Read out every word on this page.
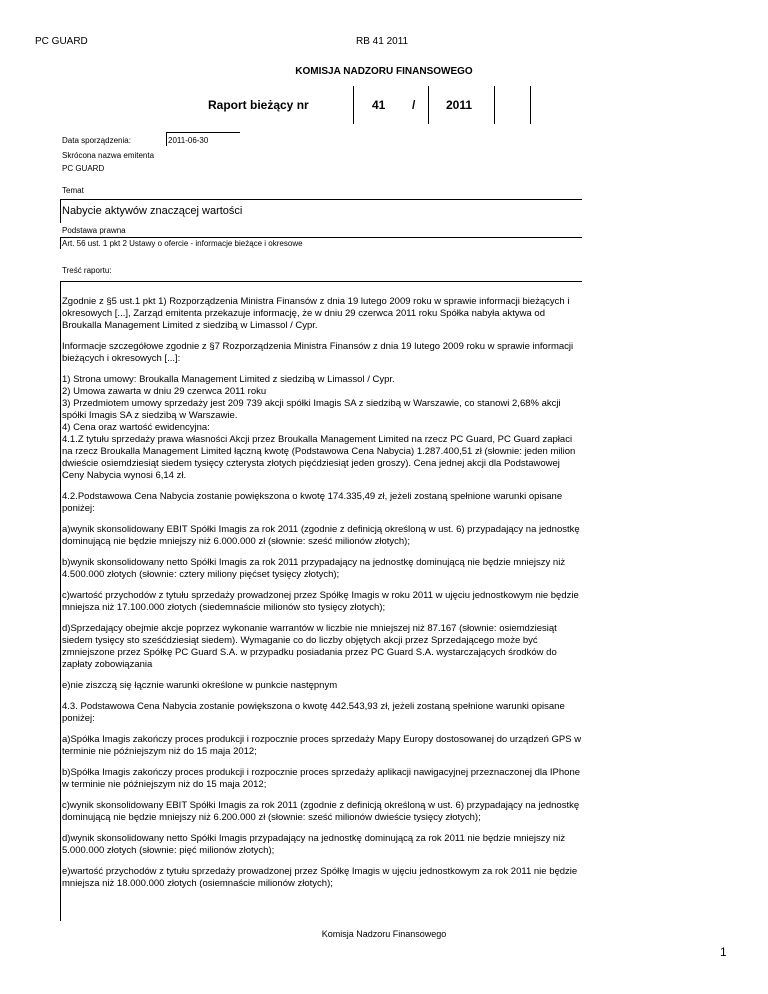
PC GUARD	RB 41 2011
KOMISJA NADZORU FINANSOWEGO
Raport bieżący nr	41 /	2011
Data sporządzenia:	2011-06-30
Skrócona nazwa emitenta
PC GUARD
Temat
Nabycie aktywów znaczącej wartości
Podstawa prawna
Art. 56 ust. 1 pkt 2 Ustawy o ofercie - informacje bieżące i okresowe
Treść raportu:

Zgodnie z §5 ust.1 pkt 1) Rozporządzenia Ministra Finansów z dnia 19 lutego 2009 roku w sprawie informacji bieżących i okresowych [...], Zarząd emitenta przekazuje informację, że w dniu 29 czerwca 2011 roku Spółka nabyła aktywa od Broukalla Management Limited z siedzibą w Limassol / Cypr.

Informacje szczegółowe zgodnie z §7 Rozporządzenia Ministra Finansów z dnia 19 lutego 2009 roku w sprawie informacji bieżących i okresowych [...]:

1) Strona umowy: Broukalla Management Limited z siedzibą w Limassol / Cypr.
2) Umowa zawarta w dniu 29 czerwca 2011 roku
3) Przedmiotem umowy sprzedaży jest 209 739 akcji spółki Imagis SA z siedzibą w Warszawie, co stanowi 2,68% akcji spółki Imagis SA z siedzibą w Warszawie.
4) Cena oraz wartość ewidencyjna:
4.1.Z tytułu sprzedaży prawa własności Akcji przez Broukalla Management Limited na rzecz PC Guard, PC Guard zapłaci na rzecz Broukalla Management Limited łączną kwotę (Podstawowa Cena Nabycia) 1.287.400,51 zł (słownie: jeden milion dwieście osiemdziesiąt siedem tysięcy czterysta złotych pięćdziesiąt jeden groszy). Cena jednej akcji dla Podstawowej Ceny Nabycia wynosi 6,14 zł.

4.2.Podstawowa Cena Nabycia zostanie powiększona o kwotę 174.335,49 zł, jeżeli zostaną spełnione warunki opisane poniżej:

a)wynik skonsolidowany EBIT Spółki Imagis za rok 2011 (zgodnie z definicją określoną w ust. 6) przypadający na jednostkę dominującą nie będzie mniejszy niż 6.000.000 zł (słownie: sześć milionów złotych);

b)wynik skonsolidowany netto Spółki Imagis za rok 2011 przypadający na jednostkę dominującą nie będzie mniejszy niż 4.500.000 złotych (słownie: cztery miliony pięćset tysięcy złotych);

c)wartość przychodów z tytułu sprzedaży prowadzonej przez Spółkę Imagis w roku 2011 w ujęciu jednostkowym nie będzie mniejsza niż 17.100.000 złotych (siedemnaście milionów sto tysięcy złotych);

d)Sprzedający obejmie akcje poprzez wykonanie warrantów w liczbie nie mniejszej niż 87.167 (słownie: osiemdziesiąt siedem tysięcy sto sześćdziesiąt siedem). Wymaganie co do liczby objętych akcji przez Sprzedającego może być zmniejszone przez Spółkę PC Guard S.A. w przypadku posiadania przez PC Guard S.A. wystarczających środków do zapłaty zobowiązania

e)nie ziszczą się łącznie warunki określone w punkcie następnym

4.3. Podstawowa Cena Nabycia zostanie powiększona o kwotę 442.543,93 zł, jeżeli zostaną spełnione warunki opisane poniżej:

a)Spółka Imagis zakończy proces produkcji i rozpocznie proces sprzedaży Mapy Europy dostosowanej do urządzeń GPS w terminie nie późniejszym niż do 15 maja 2012;

b)Spółka Imagis zakończy proces produkcji i rozpocznie proces sprzedaży aplikacji nawigacyjnej przeznaczonej dla IPhone w terminie nie późniejszym niż do 15 maja 2012;

c)wynik skonsolidowany EBIT Spółki Imagis za rok 2011 (zgodnie z definicją określoną w ust. 6) przypadający na jednostkę dominującą nie będzie mniejszy niż 6.200.000 zł (słownie: sześć milionów dwieście tysięcy złotych);

d)wynik skonsolidowany netto Spółki Imagis przypadający na jednostkę dominującą za rok 2011 nie będzie mniejszy niż 5.000.000 złotych (słownie: pięć milionów złotych);

e)wartość przychodów z tytułu sprzedaży prowadzonej przez Spółkę Imagis w ujęciu jednostkowym za rok 2011 nie będzie mniejsza niż 18.000.000 złotych (osiemnaście milionów złotych);

Komisja Nadzoru Finansowego
1
